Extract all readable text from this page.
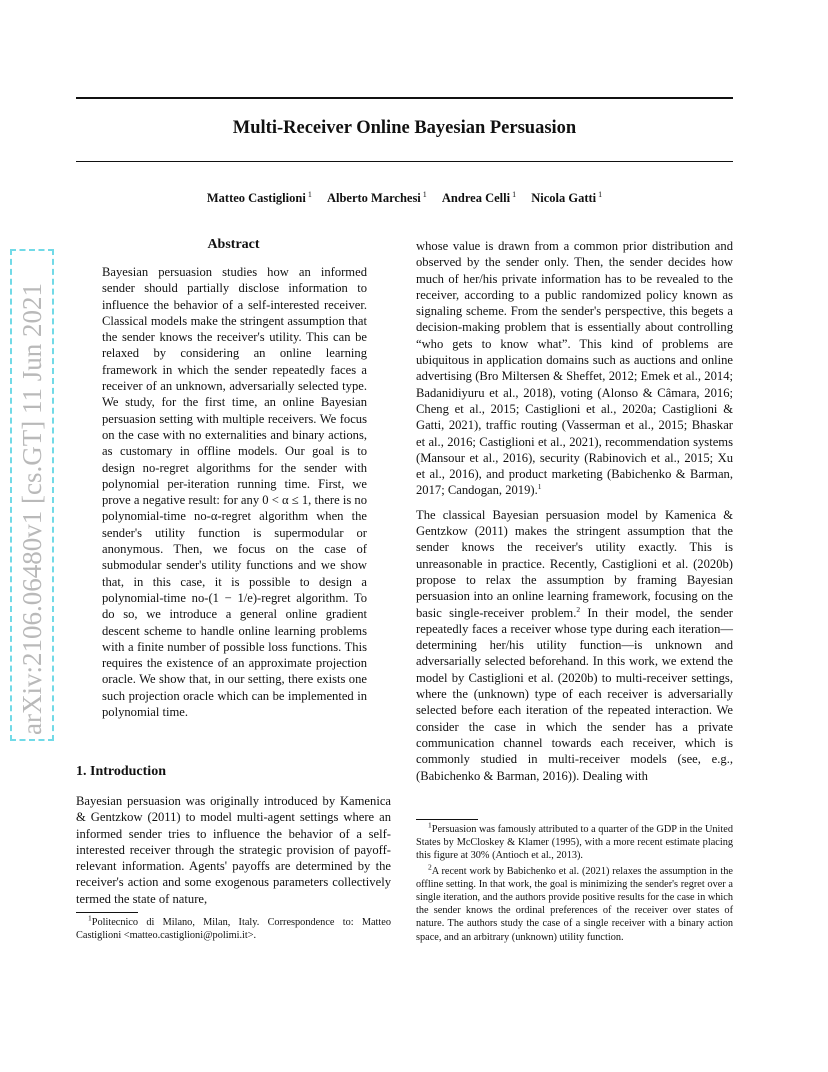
Multi-Receiver Online Bayesian Persuasion
Matteo Castiglioni $^1$ Alberto Marchesi $^1$ Andrea Celli $^1$ Nicola Gatti $^1$
arXiv:2106.06480v1 [cs.GT] 11 Jun 2021
Abstract

Bayesian persuasion studies how an informed sender should partially disclose information to influence the behavior of a self-interested receiver. Classical models make the stringent assumption that the sender knows the receiver's utility. This can be relaxed by considering an online learning framework in which the sender repeatedly faces a receiver of an unknown, adversarially selected type. We study, for the first time, an online Bayesian persuasion setting with multiple receivers. We focus on the case with no externalities and binary actions, as customary in offline models. Our goal is to design no-regret algorithms for the sender with polynomial per-iteration running time. First, we prove a negative result: for any 0 < α ≤ 1, there is no polynomial-time no-α-regret algorithm when the sender's utility function is supermodular or anonymous. Then, we focus on the case of submodular sender's utility functions and we show that, in this case, it is possible to design a polynomial-time no-(1 − 1/e)-regret algorithm. To do so, we introduce a general online gradient descent scheme to handle online learning problems with a finite number of possible loss functions. This requires the existence of an approximate projection oracle. We show that, in our setting, there exists one such projection oracle which can be implemented in polynomial time.

1. Introduction

Bayesian persuasion was originally introduced by Kamenica & Gentzkow (2011) to model multi-agent settings where an informed sender tries to influence the behavior of a self-interested receiver through the strategic provision of payoff-relevant information. Agents' payoffs are determined by the receiver's action and some exogenous parameters collectively termed the state of nature,

$^1$Politecnico di Milano, Milan, Italy. Correspondence to: Matteo Castiglioni <matteo.castiglioni@polimi.it>.

whose value is drawn from a common prior distribution and observed by the sender only. Then, the sender decides how much of her/his private information has to be revealed to the receiver, according to a public randomized policy known as signaling scheme. From the sender's perspective, this begets a decision-making problem that is essentially about controlling “who gets to know what”. This kind of problems are ubiquitous in application domains such as auctions and online advertising (Bro Miltersen & Sheffet, 2012; Emek et al., 2014; Badanidiyuru et al., 2018), voting (Alonso & Câmara, 2016; Cheng et al., 2015; Castiglioni et al., 2020a; Castiglioni & Gatti, 2021), traffic routing (Vasserman et al., 2015; Bhaskar et al., 2016; Castiglioni et al., 2021), recommendation systems (Mansour et al., 2016), security (Rabinovich et al., 2015; Xu et al., 2016), and product marketing (Babichenko & Barman, 2017; Candogan, 2019).$^1$

The classical Bayesian persuasion model by Kamenica & Gentzkow (2011) makes the stringent assumption that the sender knows the receiver's utility exactly. This is unreasonable in practice. Recently, Castiglioni et al. (2020b) propose to relax the assumption by framing Bayesian persuasion into an online learning framework, focusing on the basic single-receiver problem.$^2$ In their model, the sender repeatedly faces a receiver whose type during each iteration—determining her/his utility function—is unknown and adversarially selected beforehand. In this work, we extend the model by Castiglioni et al. (2020b) to multi-receiver settings, where the (unknown) type of each receiver is adversarially selected before each iteration of the repeated interaction. We consider the case in which the sender has a private communication channel towards each receiver, which is commonly studied in multi-receiver models (see, e.g., (Babichenko & Barman, 2016)). Dealing with

$^1$Persuasion was famously attributed to a quarter of the GDP in the United States by McCloskey & Klamer (1995), with a more recent estimate placing this figure at 30% (Antioch et al., 2013).

$^2$A recent work by Babichenko et al. (2021) relaxes the assumption in the offline setting. In that work, the goal is minimizing the sender's regret over a single iteration, and the authors provide positive results for the case in which the sender knows the ordinal preferences of the receiver over states of nature. The authors study the case of a single receiver with a binary action space, and an arbitrary (unknown) utility function.
